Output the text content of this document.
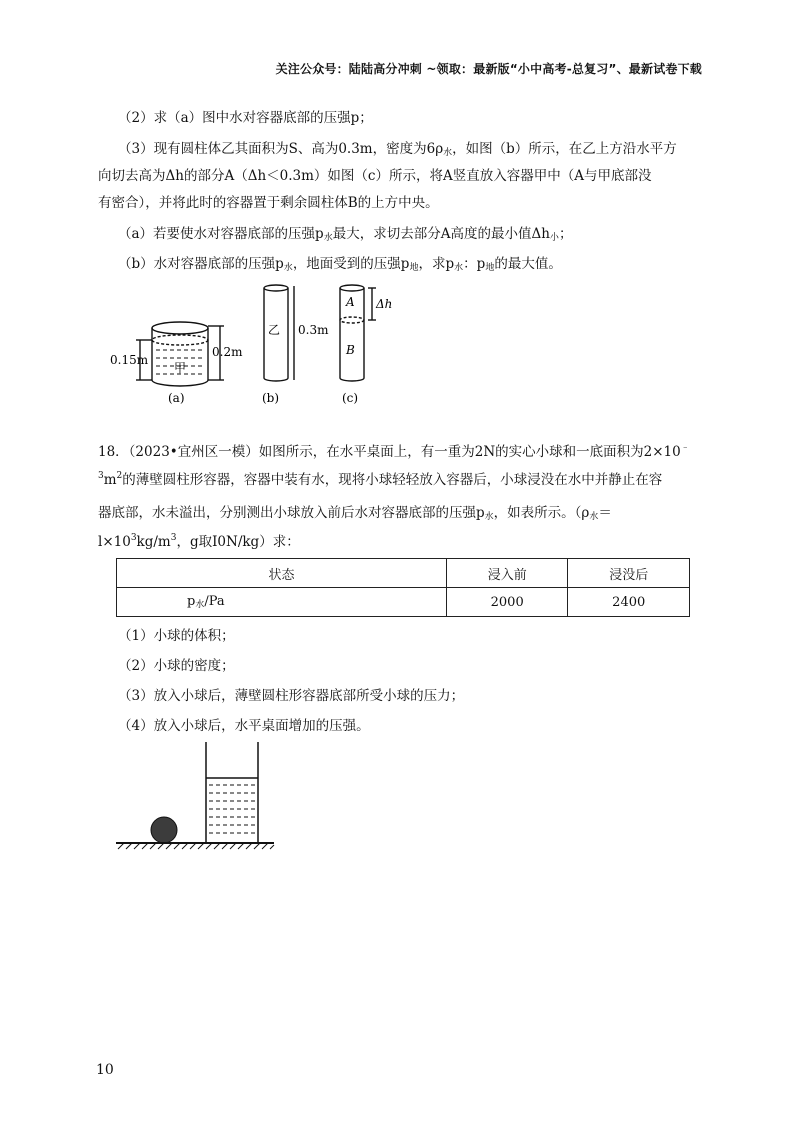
关注公众号：陆陆高分冲刺 ~领取：最新版“小中高考-总复习”、最新试卷下载
（2）求（a）图中水对容器底部的压强p；
（3）现有圆柱体乙其面积为S、高为0.3m，密度为$6\rho_水$，如图（b）所示，在乙上方沿水平方
向切去高为Δh的部分A（Δh＜0.3m）如图（c）所示，将A竖直放入容器甲中（A与甲底部没
有密合），并将此时的容器置于剩余圆柱体B的上方中央。
（a）若要使水对容器底部的压强$p_水$最大，求切去部分A高度的最小值$\Delta h_小$；
（b）水对容器底部的压强$p_水$，地面受到的压强$p_地$，求$p_水$：$p_地$的最大值。
0.15m
0.2m
甲
(a)
乙 0.3m
(b)
A
B
Δh
(c)
18．（2023•宜州区一模）如图所示，在水平桌面上，有一重为2N的实心小球和一底面积为2×10﹣
$^3m^2$的薄壁圆柱形容器，容器中装有水，现将小球轻轻放入容器后，小球浸没在水中并静止在容
器底部，水未溢出，分别测出小球放入前后水对容器底部的压强$p_水$，如表所示。（$\rho_水=$
$l\times 10^3kg/m^3$，g取I0N/kg）求：
状态	浸入前	浸没后
$p_水/Pa$	2000	2400
（1）小球的体积；
（2）小球的密度；
（3）放入小球后，薄壁圆柱形容器底部所受小球的压力；
（4）放入小球后，水平桌面增加的压强。
10
